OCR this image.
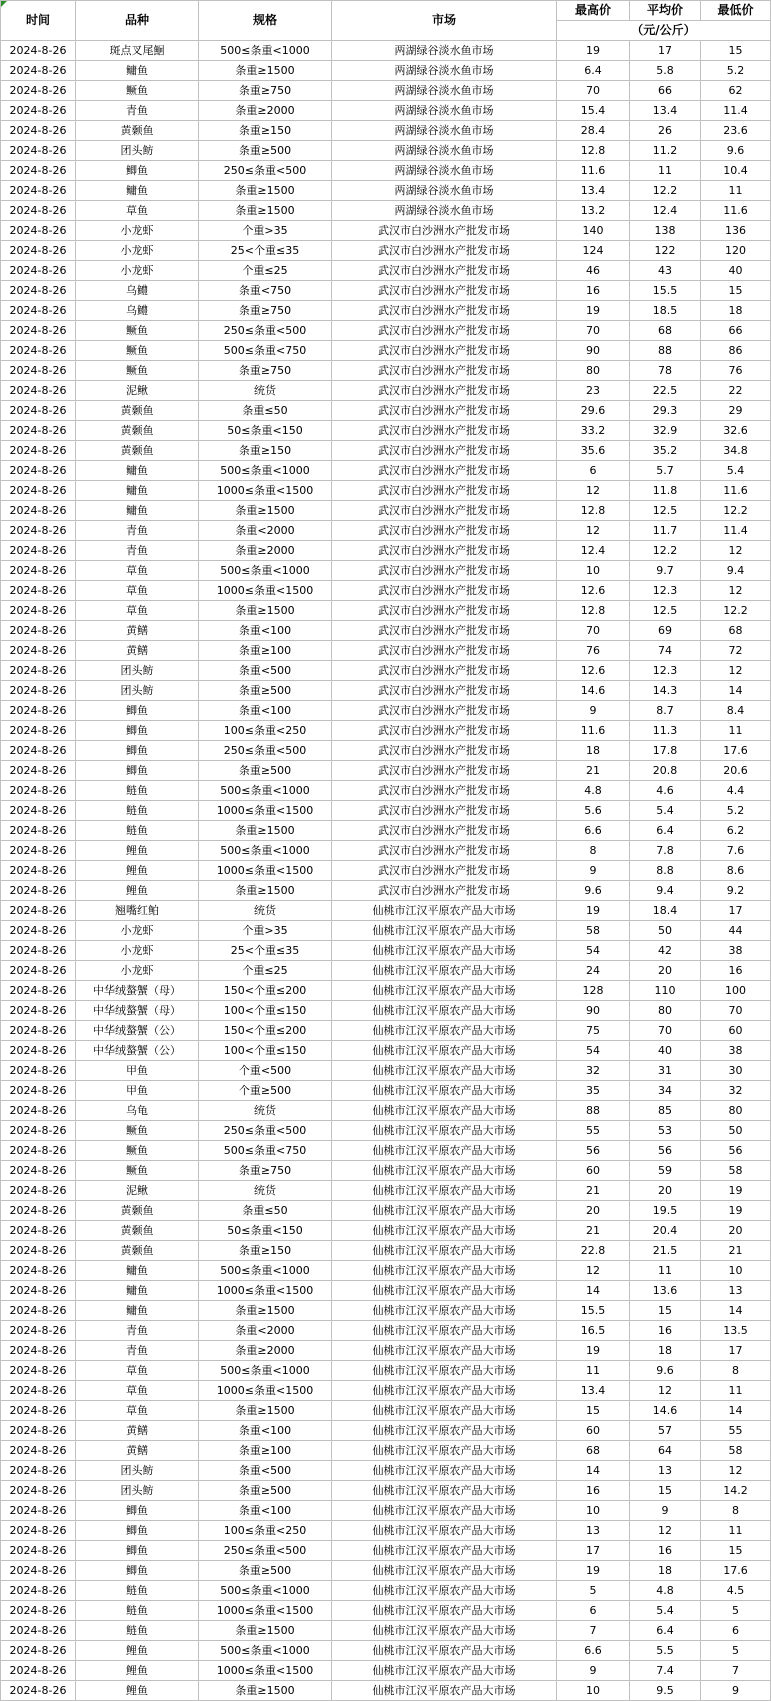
时间	品种	规格	市场	最高价	平均价	最低价
				（元/公斤）		
2024-8-26	斑点叉尾鮰	500≤条重<1000	两湖绿谷淡水鱼市场	19	17	15
2024-8-26	鳙鱼	条重≥1500	两湖绿谷淡水鱼市场	6.4	5.8	5.2
2024-8-26	鳜鱼	条重≥750	两湖绿谷淡水鱼市场	70	66	62
2024-8-26	青鱼	条重≥2000	两湖绿谷淡水鱼市场	15.4	13.4	11.4
2024-8-26	黄颡鱼	条重≥150	两湖绿谷淡水鱼市场	28.4	26	23.6
2024-8-26	团头鲂	条重≥500	两湖绿谷淡水鱼市场	12.8	11.2	9.6
2024-8-26	鲫鱼	250≤条重<500	两湖绿谷淡水鱼市场	11.6	11	10.4
2024-8-26	鳙鱼	条重≥1500	两湖绿谷淡水鱼市场	13.4	12.2	11
2024-8-26	草鱼	条重≥1500	两湖绿谷淡水鱼市场	13.2	12.4	11.6
2024-8-26	小龙虾	个重>35	武汉市白沙洲水产批发市场	140	138	136
2024-8-26	小龙虾	25<个重≤35	武汉市白沙洲水产批发市场	124	122	120
2024-8-26	小龙虾	个重≤25	武汉市白沙洲水产批发市场	46	43	40
2024-8-26	乌鳢	条重<750	武汉市白沙洲水产批发市场	16	15.5	15
2024-8-26	乌鳢	条重≥750	武汉市白沙洲水产批发市场	19	18.5	18
2024-8-26	鳜鱼	250≤条重<500	武汉市白沙洲水产批发市场	70	68	66
2024-8-26	鳜鱼	500≤条重<750	武汉市白沙洲水产批发市场	90	88	86
2024-8-26	鳜鱼	条重≥750	武汉市白沙洲水产批发市场	80	78	76
2024-8-26	泥鳅	统货	武汉市白沙洲水产批发市场	23	22.5	22
2024-8-26	黄颡鱼	条重≤50	武汉市白沙洲水产批发市场	29.6	29.3	29
2024-8-26	黄颡鱼	50≤条重<150	武汉市白沙洲水产批发市场	33.2	32.9	32.6
2024-8-26	黄颡鱼	条重≥150	武汉市白沙洲水产批发市场	35.6	35.2	34.8
2024-8-26	鳙鱼	500≤条重<1000	武汉市白沙洲水产批发市场	6	5.7	5.4
2024-8-26	鳙鱼	1000≤条重<1500	武汉市白沙洲水产批发市场	12	11.8	11.6
2024-8-26	鳙鱼	条重≥1500	武汉市白沙洲水产批发市场	12.8	12.5	12.2
2024-8-26	青鱼	条重<2000	武汉市白沙洲水产批发市场	12	11.7	11.4
2024-8-26	青鱼	条重≥2000	武汉市白沙洲水产批发市场	12.4	12.2	12
2024-8-26	草鱼	500≤条重<1000	武汉市白沙洲水产批发市场	10	9.7	9.4
2024-8-26	草鱼	1000≤条重<1500	武汉市白沙洲水产批发市场	12.6	12.3	12
2024-8-26	草鱼	条重≥1500	武汉市白沙洲水产批发市场	12.8	12.5	12.2
2024-8-26	黄鳝	条重<100	武汉市白沙洲水产批发市场	70	69	68
2024-8-26	黄鳝	条重≥100	武汉市白沙洲水产批发市场	76	74	72
2024-8-26	团头鲂	条重<500	武汉市白沙洲水产批发市场	12.6	12.3	12
2024-8-26	团头鲂	条重≥500	武汉市白沙洲水产批发市场	14.6	14.3	14
2024-8-26	鲫鱼	条重<100	武汉市白沙洲水产批发市场	9	8.7	8.4
2024-8-26	鲫鱼	100≤条重<250	武汉市白沙洲水产批发市场	11.6	11.3	11
2024-8-26	鲫鱼	250≤条重<500	武汉市白沙洲水产批发市场	18	17.8	17.6
2024-8-26	鲫鱼	条重≥500	武汉市白沙洲水产批发市场	21	20.8	20.6
2024-8-26	鲢鱼	500≤条重<1000	武汉市白沙洲水产批发市场	4.8	4.6	4.4
2024-8-26	鲢鱼	1000≤条重<1500	武汉市白沙洲水产批发市场	5.6	5.4	5.2
2024-8-26	鲢鱼	条重≥1500	武汉市白沙洲水产批发市场	6.6	6.4	6.2
2024-8-26	鲤鱼	500≤条重<1000	武汉市白沙洲水产批发市场	8	7.8	7.6
2024-8-26	鲤鱼	1000≤条重<1500	武汉市白沙洲水产批发市场	9	8.8	8.6
2024-8-26	鲤鱼	条重≥1500	武汉市白沙洲水产批发市场	9.6	9.4	9.2
2024-8-26	翘嘴红鲌	统货	仙桃市江汉平原农产品大市场	19	18.4	17
2024-8-26	小龙虾	个重>35	仙桃市江汉平原农产品大市场	58	50	44
2024-8-26	小龙虾	25<个重≤35	仙桃市江汉平原农产品大市场	54	42	38
2024-8-26	小龙虾	个重≤25	仙桃市江汉平原农产品大市场	24	20	16
2024-8-26	中华绒螯蟹（母）	150<个重≤200	仙桃市江汉平原农产品大市场	128	110	100
2024-8-26	中华绒螯蟹（母）	100<个重≤150	仙桃市江汉平原农产品大市场	90	80	70
2024-8-26	中华绒螯蟹（公）	150<个重≤200	仙桃市江汉平原农产品大市场	75	70	60
2024-8-26	中华绒螯蟹（公）	100<个重≤150	仙桃市江汉平原农产品大市场	54	40	38
2024-8-26	甲鱼	个重<500	仙桃市江汉平原农产品大市场	32	31	30
2024-8-26	甲鱼	个重≥500	仙桃市江汉平原农产品大市场	35	34	32
2024-8-26	乌龟	统货	仙桃市江汉平原农产品大市场	88	85	80
2024-8-26	鳜鱼	250≤条重<500	仙桃市江汉平原农产品大市场	55	53	50
2024-8-26	鳜鱼	500≤条重<750	仙桃市江汉平原农产品大市场	56	56	56
2024-8-26	鳜鱼	条重≥750	仙桃市江汉平原农产品大市场	60	59	58
2024-8-26	泥鳅	统货	仙桃市江汉平原农产品大市场	21	20	19
2024-8-26	黄颡鱼	条重≤50	仙桃市江汉平原农产品大市场	20	19.5	19
2024-8-26	黄颡鱼	50≤条重<150	仙桃市江汉平原农产品大市场	21	20.4	20
2024-8-26	黄颡鱼	条重≥150	仙桃市江汉平原农产品大市场	22.8	21.5	21
2024-8-26	鳙鱼	500≤条重<1000	仙桃市江汉平原农产品大市场	12	11	10
2024-8-26	鳙鱼	1000≤条重<1500	仙桃市江汉平原农产品大市场	14	13.6	13
2024-8-26	鳙鱼	条重≥1500	仙桃市江汉平原农产品大市场	15.5	15	14
2024-8-26	青鱼	条重<2000	仙桃市江汉平原农产品大市场	16.5	16	13.5
2024-8-26	青鱼	条重≥2000	仙桃市江汉平原农产品大市场	19	18	17
2024-8-26	草鱼	500≤条重<1000	仙桃市江汉平原农产品大市场	11	9.6	8
2024-8-26	草鱼	1000≤条重<1500	仙桃市江汉平原农产品大市场	13.4	12	11
2024-8-26	草鱼	条重≥1500	仙桃市江汉平原农产品大市场	15	14.6	14
2024-8-26	黄鳝	条重<100	仙桃市江汉平原农产品大市场	60	57	55
2024-8-26	黄鳝	条重≥100	仙桃市江汉平原农产品大市场	68	64	58
2024-8-26	团头鲂	条重<500	仙桃市江汉平原农产品大市场	14	13	12
2024-8-26	团头鲂	条重≥500	仙桃市江汉平原农产品大市场	16	15	14.2
2024-8-26	鲫鱼	条重<100	仙桃市江汉平原农产品大市场	10	9	8
2024-8-26	鲫鱼	100≤条重<250	仙桃市江汉平原农产品大市场	13	12	11
2024-8-26	鲫鱼	250≤条重<500	仙桃市江汉平原农产品大市场	17	16	15
2024-8-26	鲫鱼	条重≥500	仙桃市江汉平原农产品大市场	19	18	17.6
2024-8-26	鲢鱼	500≤条重<1000	仙桃市江汉平原农产品大市场	5	4.8	4.5
2024-8-26	鲢鱼	1000≤条重<1500	仙桃市江汉平原农产品大市场	6	5.4	5
2024-8-26	鲢鱼	条重≥1500	仙桃市江汉平原农产品大市场	7	6.4	6
2024-8-26	鲤鱼	500≤条重<1000	仙桃市江汉平原农产品大市场	6.6	5.5	5
2024-8-26	鲤鱼	1000≤条重<1500	仙桃市江汉平原农产品大市场	9	7.4	7
2024-8-26	鲤鱼	条重≥1500	仙桃市江汉平原农产品大市场	10	9.5	9
